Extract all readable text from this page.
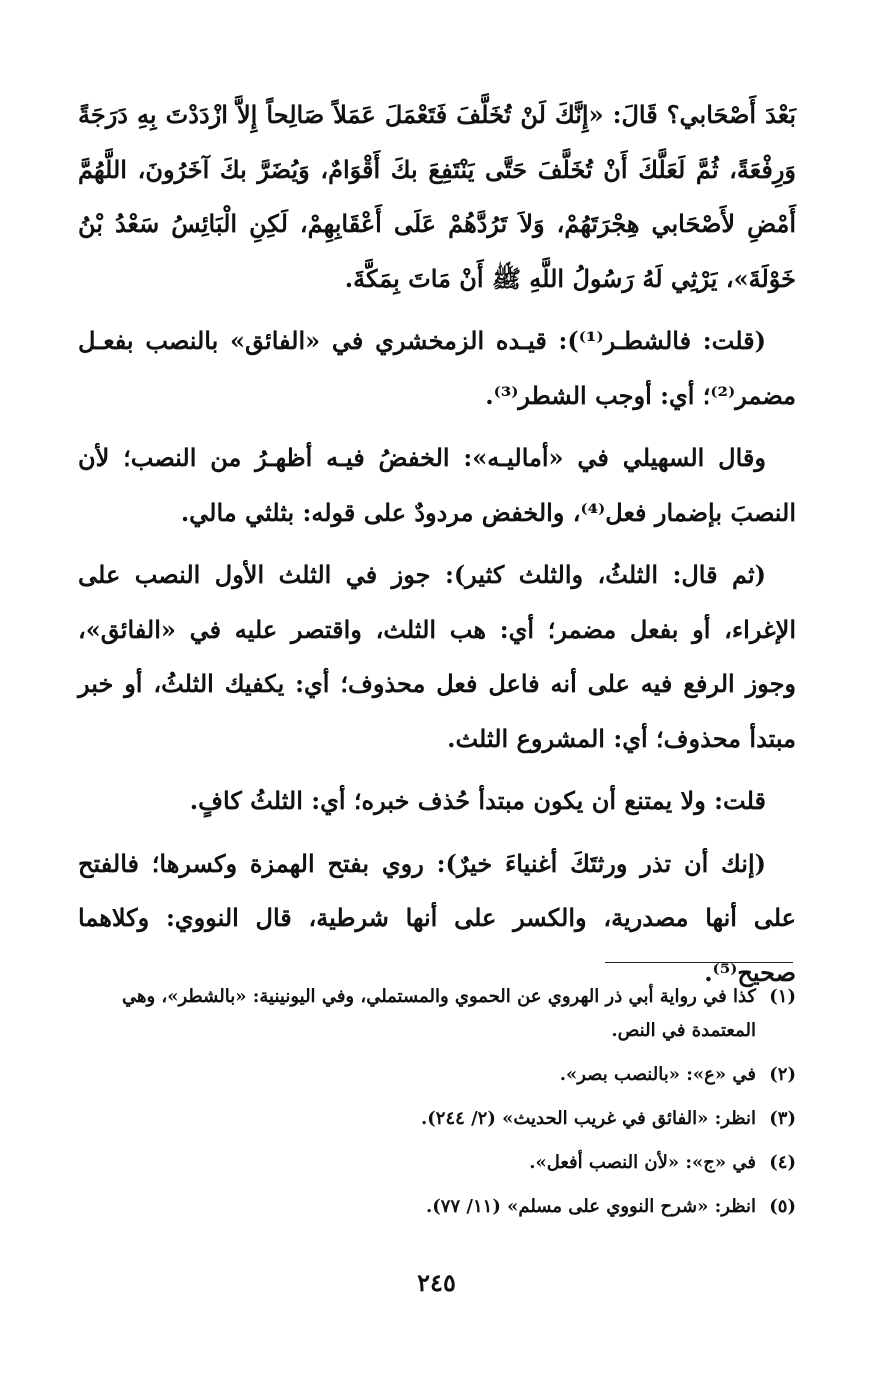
بَعْدَ أَصْحَابي؟ قَالَ: «إِنَّكَ لَنْ تُخَلَّفَ فَتَعْمَلَ عَمَلاً صَالِحاً إِلاَّ ازْدَدْتَ بِهِ دَرَجَةً وَرِفْعَةً، ثُمَّ لَعَلَّكَ أَنْ تُخَلَّفَ حَتَّى يَنْتَفِعَ بكَ أَقْوَامٌ، وَيُضَرَّ بكَ آخَرُونَ، اللَّهُمَّ أَمْضِ لأَصْحَابي هِجْرَتَهُمْ، وَلاَ تَرُدَّهُمْ عَلَى أَعْقَابِهِمْ، لَكِنِ الْبَائِسُ سَعْدُ بْنُ خَوْلَةَ»، يَرْثِي لَهُ رَسُولُ اللَّهِ ﷺ أَنْ مَاتَ بِمَكَّةَ.

(قلت: فالشطـر⁽¹⁾): قيـده الزمخشري في «الفائق» بالنصب بفعـل مضمر⁽²⁾؛ أي: أوجب الشطر⁽³⁾.

وقال السهيلي في «أماليـه»: الخفضُ فيـه أظهـرُ من النصب؛ لأن النصبَ بإضمار فعل⁽⁴⁾، والخفض مردودٌ على قوله: بثلثي مالي.

(ثم قال: الثلثُ، والثلث كثير): جوز في الثلث الأول النصب على الإغراء، أو بفعل مضمر؛ أي: هب الثلث، واقتصر عليه في «الفائق»، وجوز الرفع فيه على أنه فاعل فعل محذوف؛ أي: يكفيك الثلثُ، أو خبر مبتدأ محذوف؛ أي: المشروع الثلث.

قلت: ولا يمتنع أن يكون مبتدأ حُذف خبره؛ أي: الثلثُ كافٍ.

(إنك أن تذر ورثتَكَ أغنياءَ خيرٌ): روي بفتح الهمزة وكسرها؛ فالفتح على أنها مصدرية، والكسر على أنها شرطية، قال النووي: وكلاهما صحيح⁽⁵⁾.

(١)
كذا في رواية أبي ذر الهروي عن الحموي والمستملي، وفي اليونينية: «بالشطر»، وهي المعتمدة في النص.
(٢)
في «ع»: «بالنصب بصر».
(٣)
انظر: «الفائق في غريب الحديث» (٢/ ٢٤٤).
(٤)
في «ج»: «لأن النصب أفعل».
(٥)
انظر: «شرح النووي على مسلم» (١١/ ٧٧).
٢٤٥
